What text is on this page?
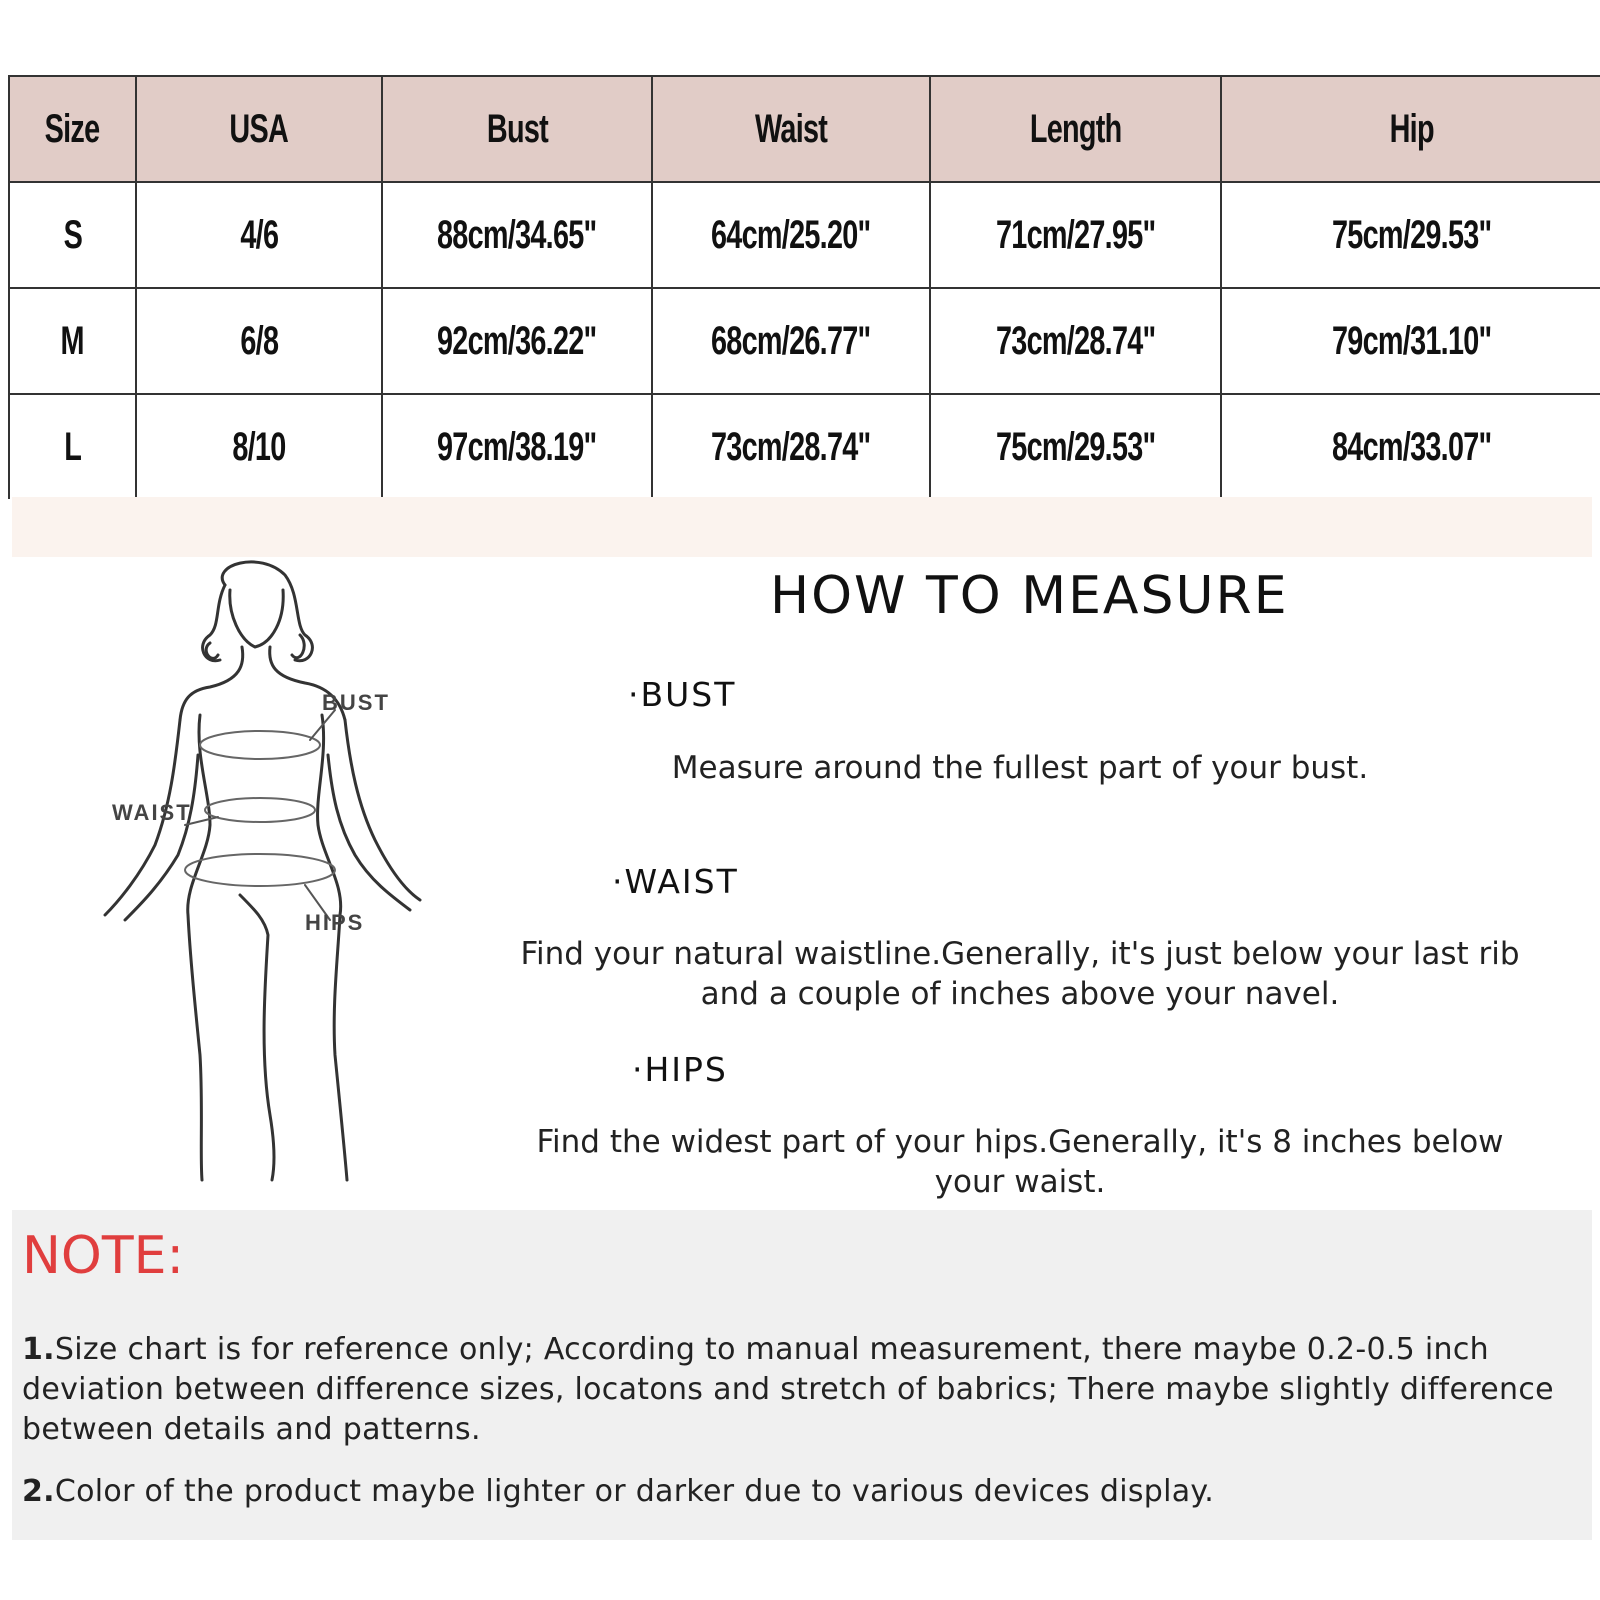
Size	USA	Bust	Waist	Length	Hip
S	4/6	88cm/34.65"	64cm/25.20"	71cm/27.95"	75cm/29.53"
M	6/8	92cm/36.22"	68cm/26.77"	73cm/28.74"	79cm/31.10"
L	8/10	97cm/38.19"	73cm/28.74"	75cm/29.53"	84cm/33.07"
BUST
WAIST
HIPS
HOW TO MEASURE
·BUST
Measure around the fullest part of your bust.
·WAIST
Find your natural waistline.Generally, it's just below your last rib
and a couple of inches above your navel.
·HIPS
Find the widest part of your hips.Generally, it's 8 inches below
your waist.
NOTE:
1.Size chart is for reference only; According to manual measurement, there maybe 0.2-0.5 inch deviation between difference sizes, locatons and stretch of babrics; There maybe slightly difference between details and patterns.
2.Color of the product maybe lighter or darker due to various devices display.
